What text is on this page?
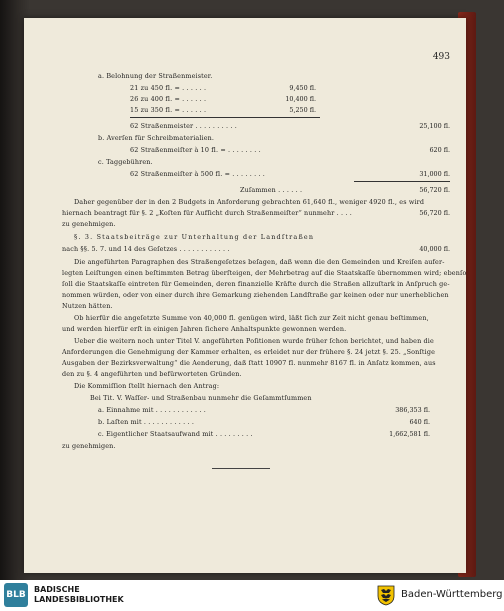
493
a. Belohnung der Straßenmeister.
21 zu 450 fl. = . . . . . .	9,450 fl.
26 zu 400 fl. = . . . . . .	10,400 fl.
15 zu 350 fl. = . . . . . .	5,250 fl.
62 Straßenmeister . . . . . . . . . .	25,100 fl.
b. Averſen für Schreibmaterialien.
62 Straßenmeiſter à 10 fl. = . . . . . . . .	620 fl.
c. Taggebühren.
62 Straßenmeiſter à 500 fl. = . . . . . . . .	31,000 fl.
Zuſammen . . . . . .	56,720 fl.
Daher gegenüber der in den 2 Budgets in Anforderung gebrachten 61,640 fl., weniger 4920 fl., es wird
hiernach beantragt für §. 2 „Koſten für Aufſicht durch Straßenmeiſter“ nunmehr . . . .	56,720 fl.
zu genehmigen.
§. 3. Staatsbeiträge zur Unterhaltung der Landſtraßen
nach §§. 5. 7. und 14 des Geſetzes . . . . . . . . . . . .	40,000 fl.
Die angeführten Paragraphen des Straßengeſetzes beſagen, daß wenn die den Gemeinden und Kreiſen aufer-
legten Leiſtungen einen beſtimmten Betrag überſteigen, der Mehrbetrag auf die Staatskaſſe übernommen wird; ebenſo
ſoll die Staatskaſſe eintreten für Gemeinden, deren finanzielle Kräfte durch die Straßen allzuſtark in Anſpruch ge-
nommen würden, oder von einer durch ihre Gemarkung ziehenden Landſtraße gar keinen oder nur unerheblichen
Nutzen hätten.
Ob hierfür die angeſetzte Summe von 40,000 fl. genügen wird, läßt ſich zur Zeit nicht genau beſtimmen,
und werden hierfür erſt in einigen Jahren ſichere Anhaltspunkte gewonnen werden.
Ueber die weitern noch unter Titel V. angeführten Poſitionen wurde früher ſchon berichtet, und haben die
Anforderungen die Genehmigung der Kammer erhalten, es erleidet nur der frühere §. 24 jetzt §. 25. „Sonſtige
Ausgaben der Bezirksverwaltung“ die Aenderung, daß ſtatt 10907 fl. nunmehr 8167 fl. in Anſatz kommen, aus
den zu §. 4 angeführten und befürworteten Gründen.
Die Kommiſſion ſtellt hiernach den Antrag:
Bei Tit. V. Waſſer- und Straßenbau nunmehr die Geſammtſummen
a. Einnahme mit . . . . . . . . . . . .	386,353 fl.
b. Laſten mit . . . . . . . . . . . .	640 fl.
c. Eigentlicher Staatsaufwand mit . . . . . . . . .	1,662,581 fl.
zu genehmigen.
BLB
BADISCHE
LANDESBIBLIOTHEK	Baden-Württemberg
